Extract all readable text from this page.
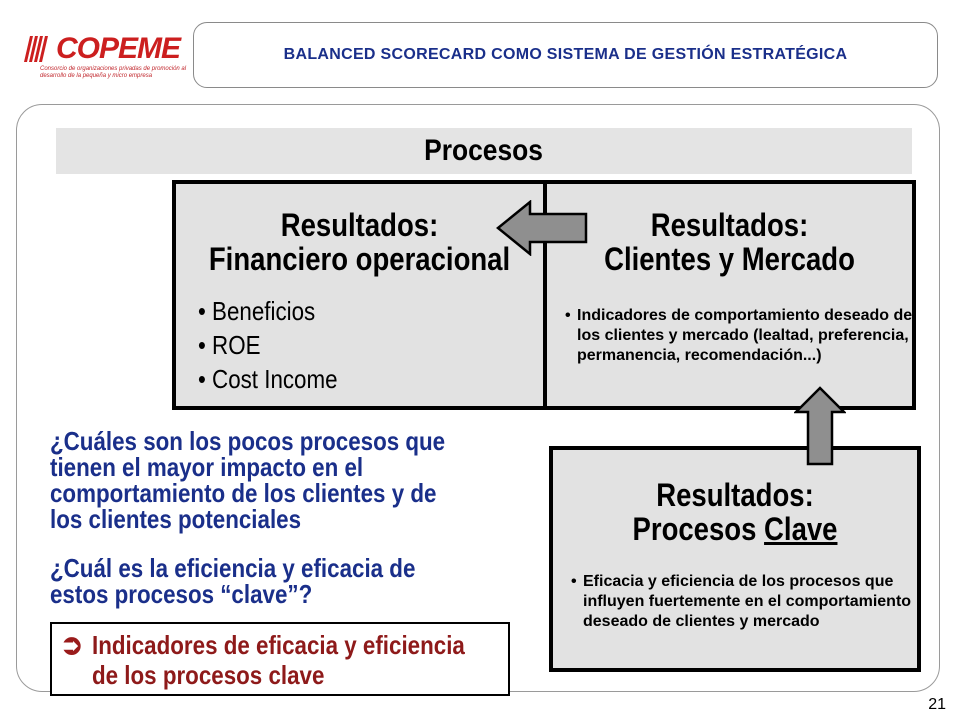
COPEME
Consorcio de organizaciones privadas de promoción al desarrollo de la pequeña y micro empresa
BALANCED SCORECARD COMO SISTEMA DE GESTIÓN ESTRATÉGICA
Procesos
Resultados:
Financiero operacional
• Beneficios
• ROE
• Cost Income
Resultados:
Clientes y Mercado
• Indicadores de comportamiento deseado de los clientes y mercado (lealtad, preferencia, permanencia, recomendación...)
Resultados:
Procesos Clave
• Eficacia y eficiencia de los procesos que influyen fuertemente en el comportamiento deseado de clientes y mercado
¿Cuáles son los pocos procesos que tienen el mayor impacto en el comportamiento de los clientes y de los clientes potenciales
¿Cuál es la eficiencia y eficacia de estos procesos “clave”?
➲ Indicadores de eficacia y eficiencia de los procesos clave
21
